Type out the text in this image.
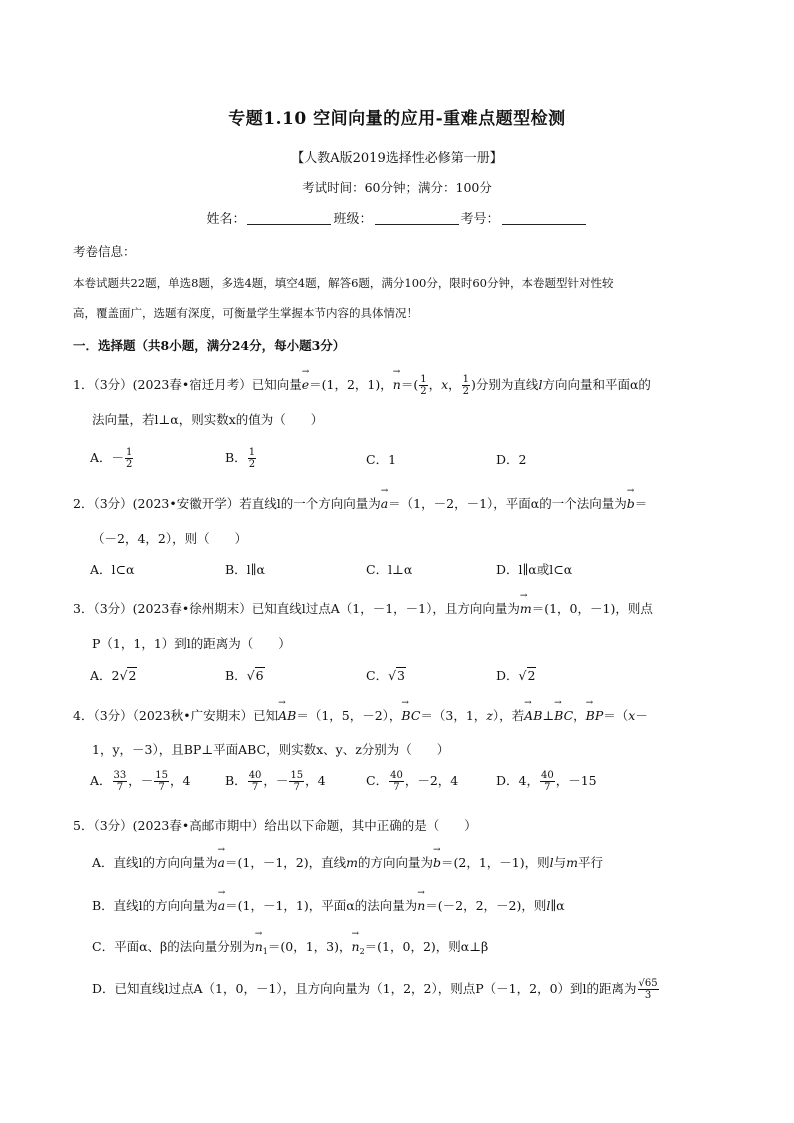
专题1.10 空间向量的应用-重难点题型检测
【人教A版2019选择性必修第一册】
考试时间：60分钟；满分：100分
姓名：	班级：	考号：
考卷信息：
本卷试题共22题，单选8题，多选4题，填空4题，解答6题，满分100分，限时60分钟，本卷题型针对性较
高，覆盖面广，选题有深度，可衡量学生掌握本节内容的具体情况！
一．选择题（共8小题，满分24分，每小题3分）
1．（3分）(2023春•宿迁月考）已知向量→ e＝(1，2，1)，→ $n=( \frac{1}{2}$ ，x， $\frac{1}{2}$ )分别为直线l方向向量和平面α的
法向量，若l⊥α，则实数x的值为（　　）
A．－ $\frac{1}{2}$	B． $\frac{1}{2}$	C．1	D．2
2．（3分）(2023•安徽开学）若直线l的一个方向向量为→ a＝（1，－2，－1），平面α的一个法向量为→ b＝
（－2，4，2），则（　　）
A．l⊂α	B．l∥α	C．l⊥α	D．l∥α或l⊂α
3．（3分）(2023春•徐州期末）已知直线l过点A（1，－1，－1），且方向向量为→ m＝(1，0，－1)，则点
P（1，1，1）到l的距离为（　　）
A．2√2	B．√6	C．√3	D．√2
4．（3分）（2023秋•广安期末）已知→ AB＝（1，5，－2），→ BC＝（3，1，z），若→ AB⊥→ BC，→ BP＝（x－
1，y，－3），且BP⊥平面ABC，则实数x、y、z分别为（　　）
A． $\frac{33}{7}$ ，－ $\frac{15}{7}$ ，4	B． $\frac{40}{7}$ ，－ $\frac{15}{7}$ ，4	C． $\frac{40}{7}$ ，－2，4	D．4， $\frac{40}{7}$ ，－15
5．（3分）(2023春•高邮市期中）给出以下命题，其中正确的是（　　）
A．直线l的方向向量为→ a＝(1，－1，2)，直线m的方向向量为→ b＝(2，1，－1)，则l与m平行
B．直线l的方向向量为→ a＝(1，－1，1)，平面α的法向量为→ n＝(－2，2，－2)，则l∥α
C．平面α、β的法向量分别为→ $n_1=(0$，1，3)，→ $n_2=(1$，0，2)，则α⊥β
D．已知直线l过点A（1，0，－1），且方向向量为（1，2，2），则点P（－1，2，0）到l的距离为 $\frac{√65}{3}$
